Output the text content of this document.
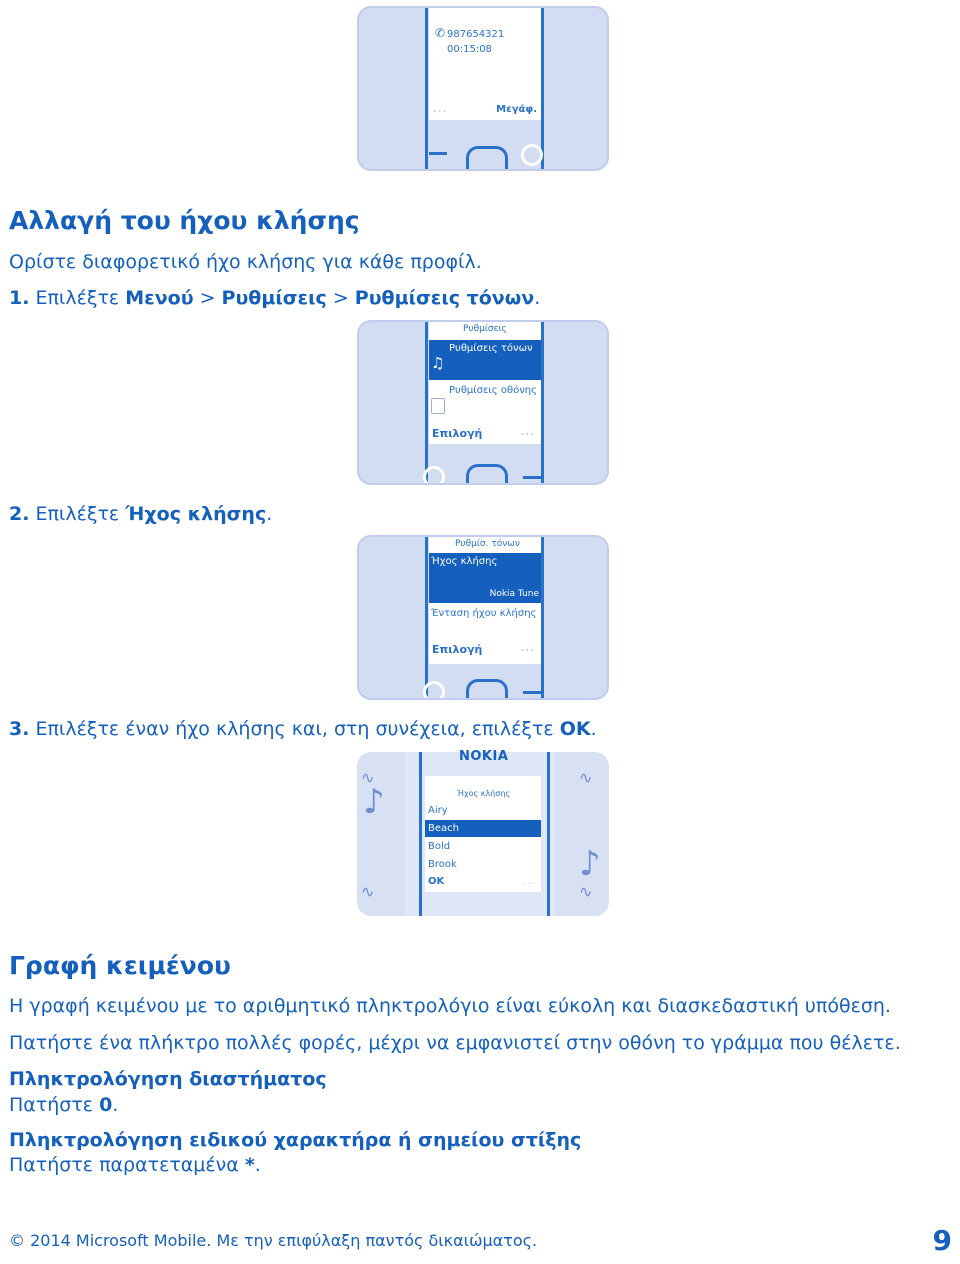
✆ 987654321
00:15:08
...	Μεγάφ.

Αλλαγή του ήχου κλήσης

Ορίστε διαφορετικό ήχο κλήσης για κάθε προφίλ.

1. Επιλέξτε Μενού > Ρυθμίσεις > Ρυθμίσεις τόνων.

Ρυθμίσεις
♫
Ρυθμίσεις τόνων
Ρυθμίσεις οθόνης
Επιλογή	...

2. Επιλέξτε Ήχος κλήσης.

Ρυθμίσ. τόνων
Ήχος κλήσης
Nokia Tune
Ένταση ήχου κλήσης
Επιλογή	...

3. Επιλέξτε έναν ήχο κλήσης και, στη συνέχεια, επιλέξτε OK.

♪
♪
∿	∿
∿	∿
NOKIA
Ήχος κλήσης
Airy
Beach
Bold
Brook
OK	...

Γραφή κειμένου

Η γραφή κειμένου με το αριθμητικό πληκτρολόγιο είναι εύκολη και διασκεδαστική υπόθεση.

Πατήστε ένα πλήκτρο πολλές φορές, μέχρι να εμφανιστεί στην οθόνη το γράμμα που θέλετε.

Πληκτρολόγηση διαστήματος

Πατήστε 0.

Πληκτρολόγηση ειδικού χαρακτήρα ή σημείου στίξης

Πατήστε παρατεταμένα *.

© 2014 Microsoft Mobile. Με την επιφύλαξη παντός δικαιώματος.	9
